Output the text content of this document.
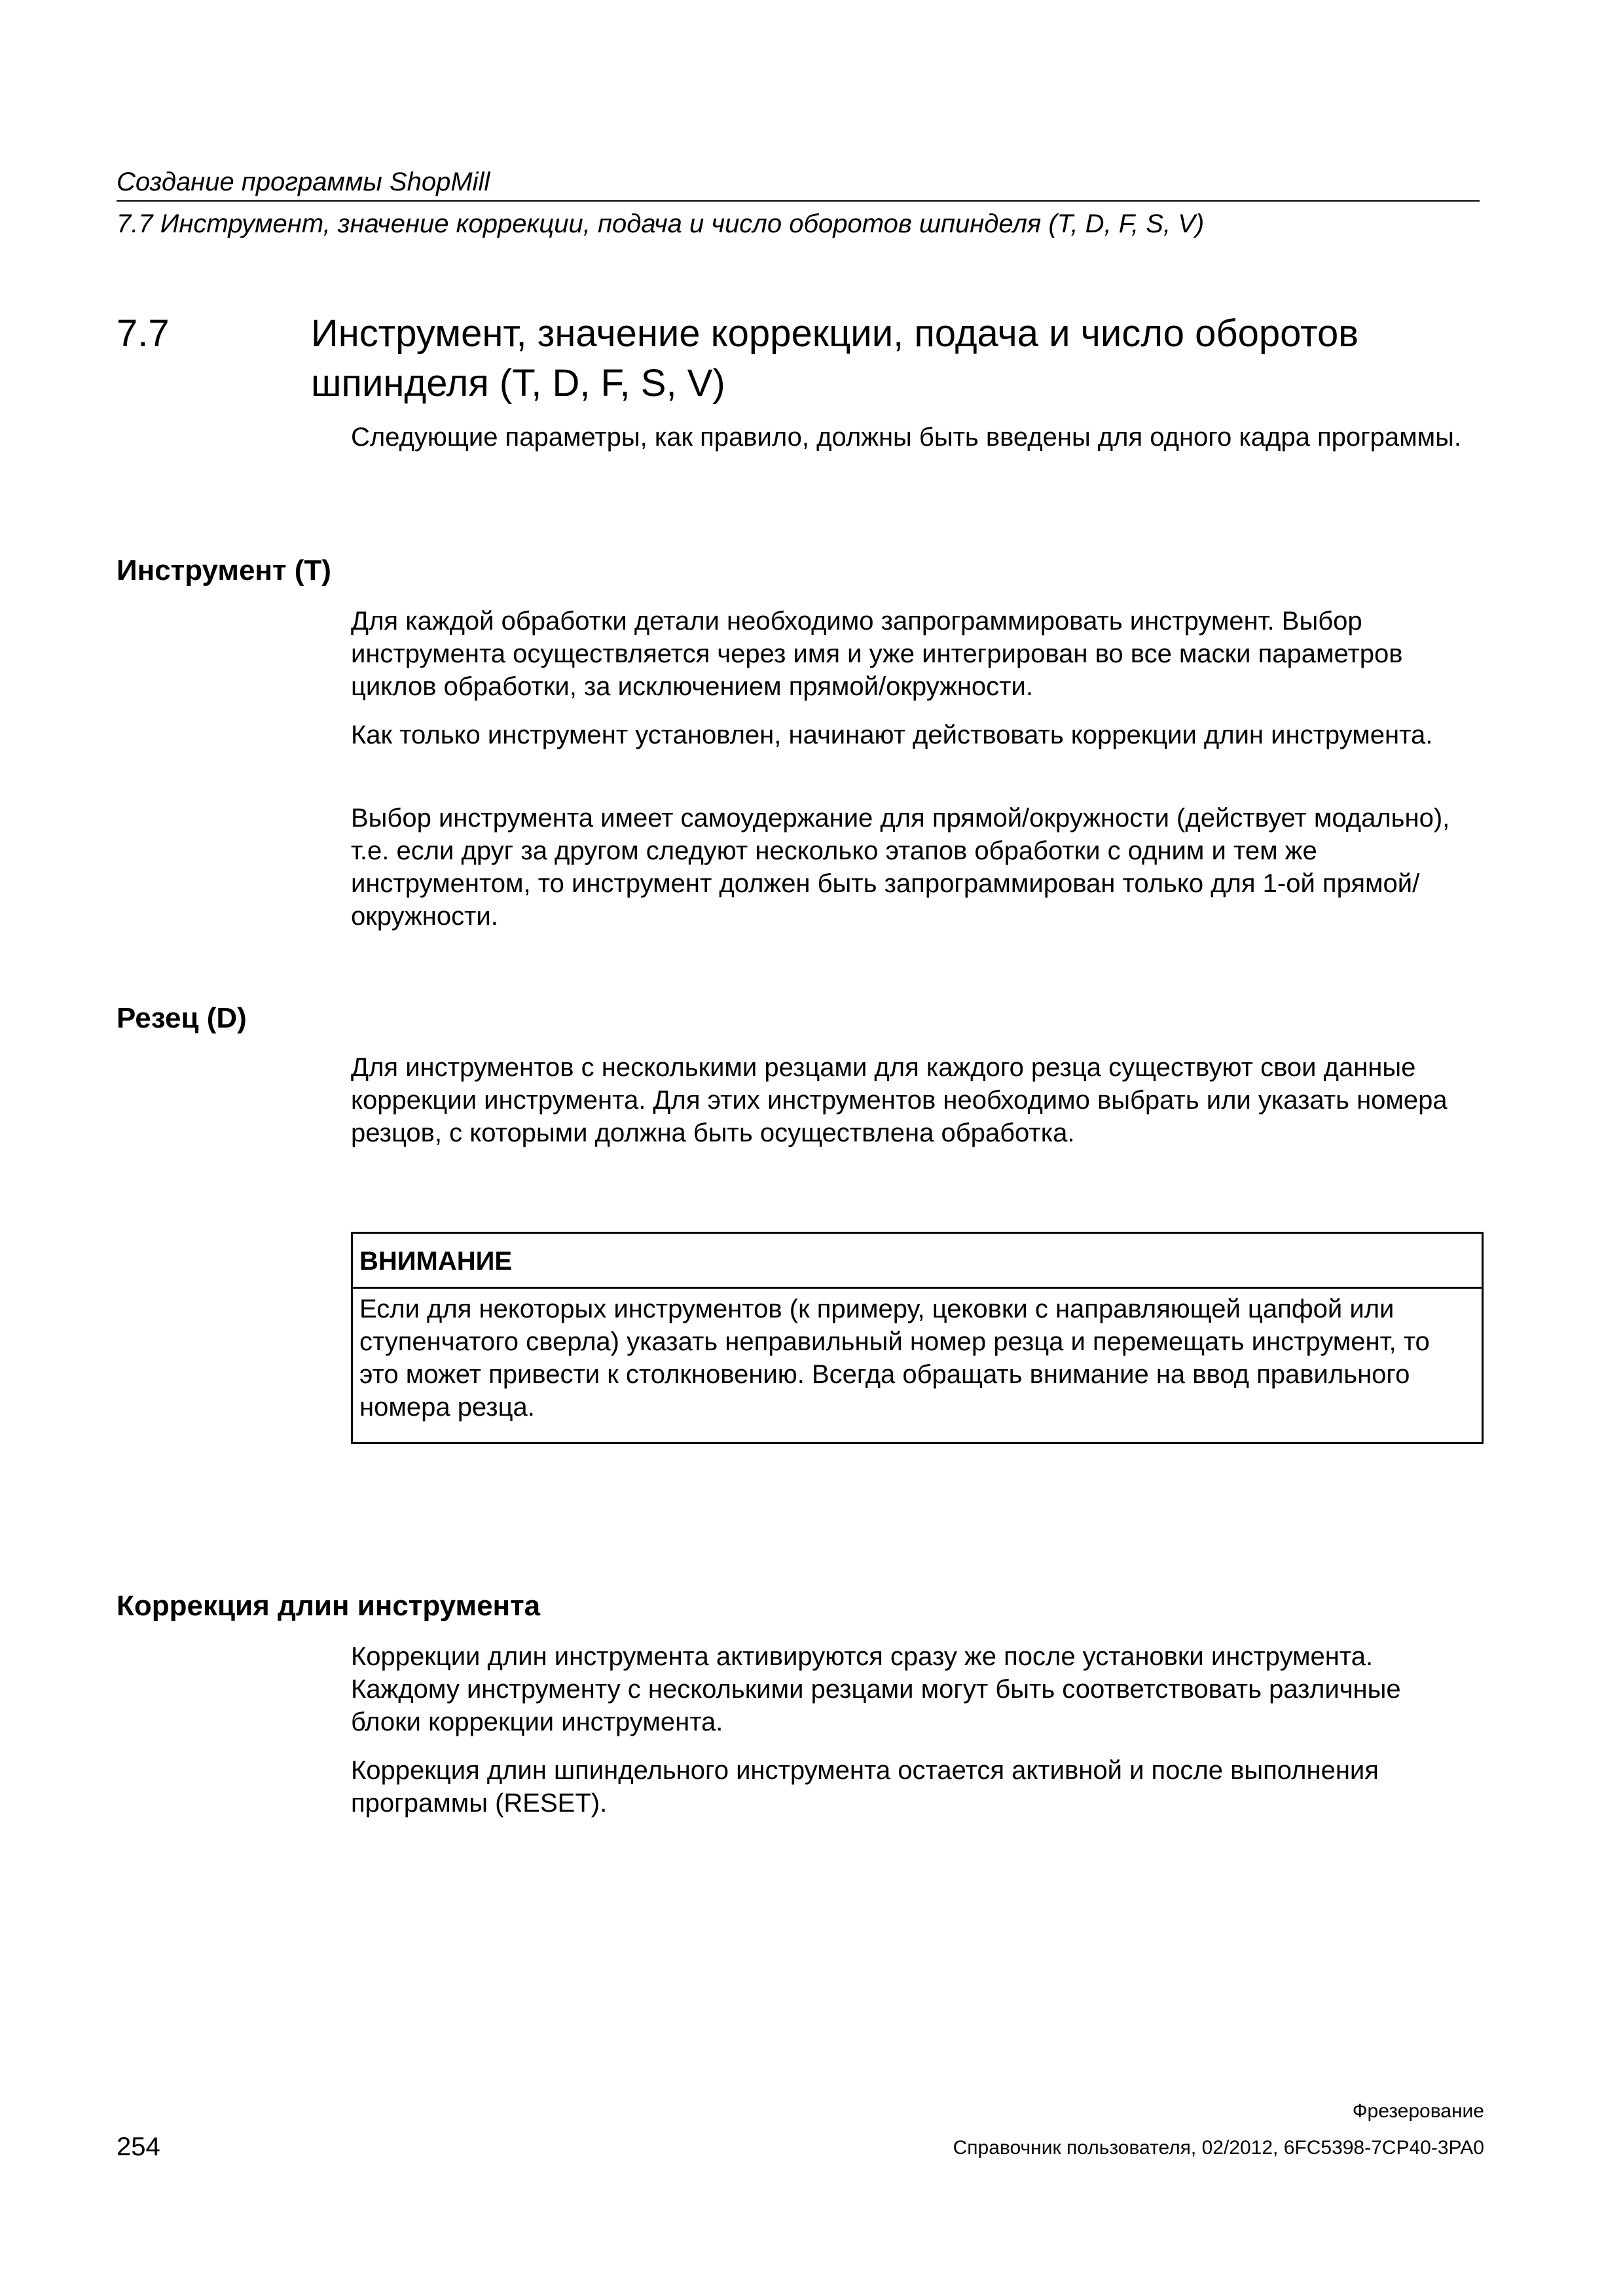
Создание программы ShopMill
7.7 Инструмент, значение коррекции, подача и число оборотов шпинделя (T, D, F, S, V)
7.7	Инструмент, значение коррекции, подача и число оборотов шпинделя (T, D, F, S, V)
Следующие параметры, как правило, должны быть введены для одного кадра программы.
Инструмент (T)
Для каждой обработки детали необходимо запрограммировать инструмент. Выбор инструмента осуществляется через имя и уже интегрирован во все маски параметров циклов обработки, за исключением прямой/окружности.
Как только инструмент установлен, начинают действовать коррекции длин инструмента.
Выбор инструмента имеет самоудержание для прямой/окружности (действует модально), т.е. если друг за другом следуют несколько этапов обработки с одним и тем же инструментом, то инструмент должен быть запрограммирован только для 1-ой прямой/окружности.
Резец (D)
Для инструментов с несколькими резцами для каждого резца существуют свои данные коррекции инструмента. Для этих инструментов необходимо выбрать или указать номера резцов, с которыми должна быть осуществлена обработка.
ВНИМАНИЕ
Если для некоторых инструментов (к примеру, цековки с направляющей цапфой или ступенчатого сверла) указать неправильный номер резца и перемещать инструмент, то это может привести к столкновению. Всегда обращать внимание на ввод правильного номера резца.
Коррекция длин инструмента
Коррекции длин инструмента активируются сразу же после установки инструмента. Каждому инструменту с несколькими резцами могут быть соответствовать различные блоки коррекции инструмента.
Коррекция длин шпиндельного инструмента остается активной и после выполнения программы (RESET).
Фрезерование
254	Справочник пользователя, 02/2012, 6FC5398-7CP40-3PA0
